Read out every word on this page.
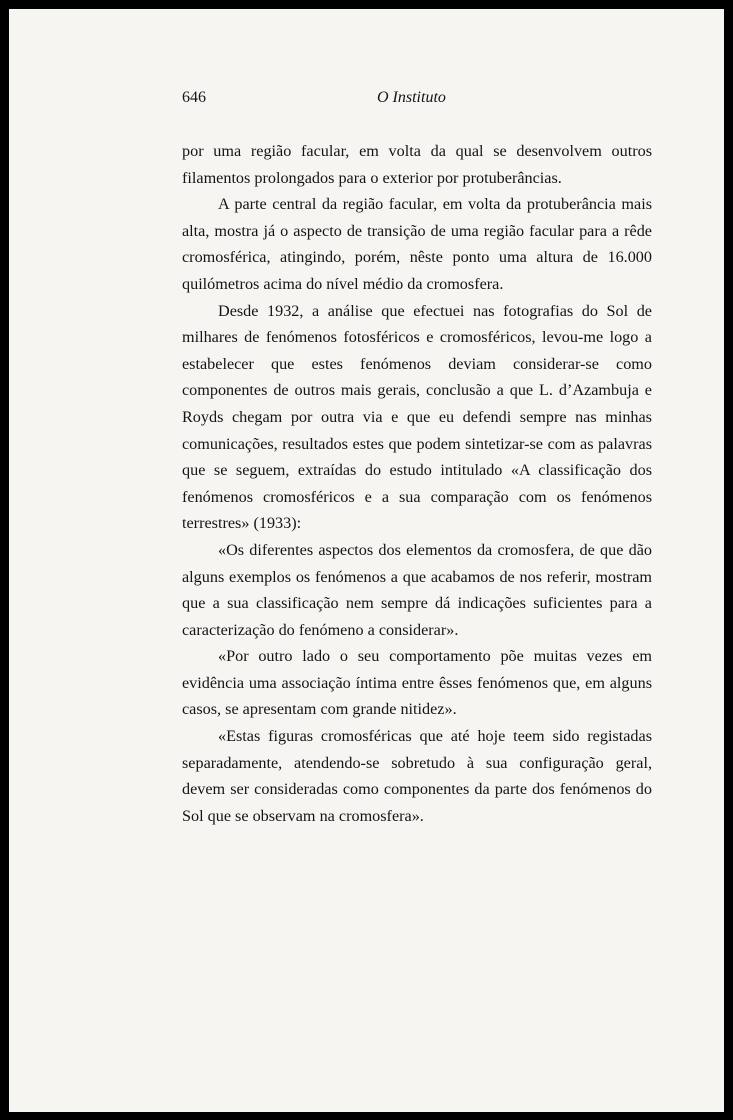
646	O Instituto

por uma região facular, em volta da qual se desenvolvem outros filamentos prolongados para o exterior por protuberâncias.

A parte central da região facular, em volta da protuberância mais alta, mostra já o aspecto de transição de uma região facular para a rêde cromosférica, atingindo, porém, nêste ponto uma altura de 16.000 quilómetros acima do nível médio da cromosfera.

Desde 1932, a análise que efectuei nas fotografias do Sol de milhares de fenómenos fotosféricos e cromosféricos, levou-me logo a estabelecer que estes fenómenos deviam considerar-se como componentes de outros mais gerais, conclusão a que L. d’Azambuja e Royds chegam por outra via e que eu defendi sempre nas minhas comunicações, resultados estes que podem sintetizar-se com as palavras que se seguem, extraídas do estudo intitulado «A classificação dos fenómenos cromosféricos e a sua comparação com os fenómenos terrestres» (1933):

«Os diferentes aspectos dos elementos da cromosfera, de que dão alguns exemplos os fenómenos a que acabamos de nos referir, mostram que a sua classificação nem sempre dá indicações suficientes para a caracterização do fenómeno a considerar».

«Por outro lado o seu comportamento põe muitas vezes em evidência uma associação íntima entre êsses fenómenos que, em alguns casos, se apresentam com grande nitidez».

«Estas figuras cromosféricas que até hoje teem sido registadas separadamente, atendendo-se sobretudo à sua configuração geral, devem ser consideradas como componentes da parte dos fenómenos do Sol que se observam na cromosfera».
